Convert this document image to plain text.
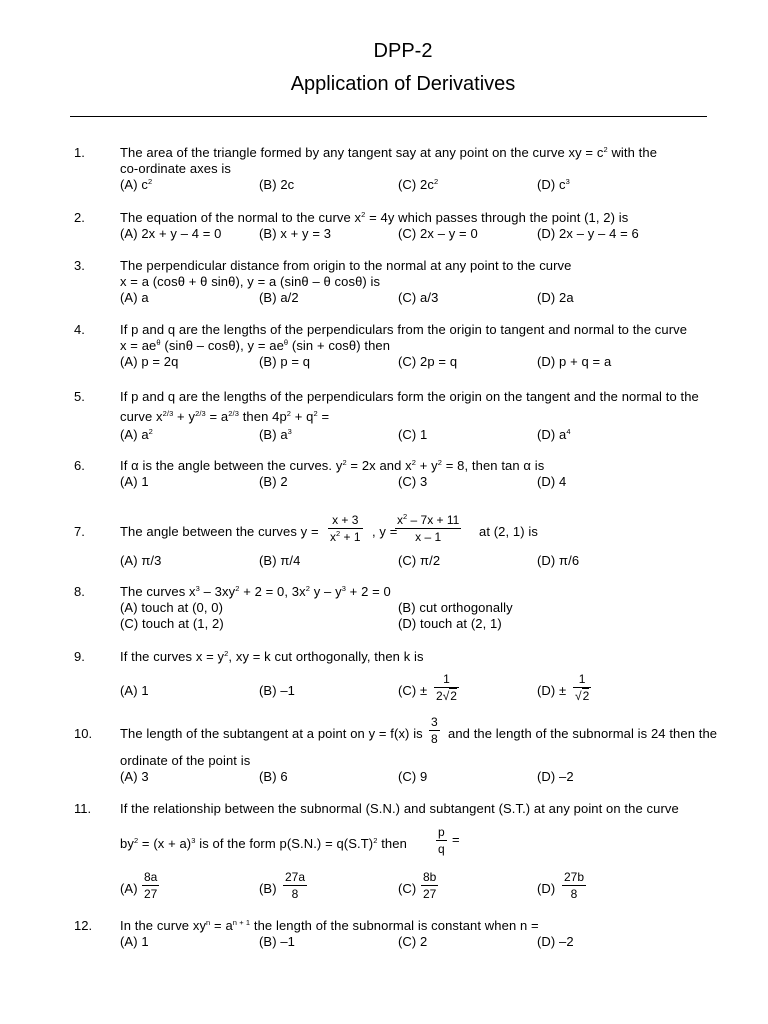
DPP-2
Application of Derivatives
1.	The area of the triangle formed by any tangent say at any point on the curve xy = $c^2$ with the
co-ordinate axes is
(A) $c^2$	(B) 2c	(C) $2c^2$	(D) $c^3$
2.	The equation of the normal to the curve $x^2 = 4y$ which passes through the point (1, 2) is
(A) 2x + y – 4 = 0	(B) x + y = 3	(C) 2x – y = 0	(D) 2x – y – 4 = 6
3.	The perpendicular distance from origin to the normal at any point to the curve
x = a (cosθ + θ sinθ), y = a (sinθ – θ cosθ) is
(A) a	(B) a/2	(C) a/3	(D) 2a
4.	If p and q are the lengths of the perpendiculars from the origin to tangent and normal to the curve
$x = ae^\theta$ (sinθ – cosθ), $y = ae^\theta$ (sin + cosθ) then
(A) p = 2q	(B) p = q	(C) 2p = q	(D) p + q = a
5.	If p and q are the lengths of the perpendiculars form the origin on the tangent and the normal to the
curve $x^{2/3} + y^{2/3} = a^{2/3}$ then $4p^2 + q^2$ =
(A) $a^2$	(B) $a^3$	(C) 1	(D) $a^4$
6.	If α is the angle between the curves. $y^2 = 2x$ and $x^2 + y^2 = 8$, then tan α is
(A) 1	(B) 2	(C) 3	(D) 4
7.	The angle between the curves $y = \frac{x + 3}{x^2 + 1}$ , y =
$\frac{x^2 - 7x + 11}{x - 1}$ at (2, 1) is
(A) π/3	(B) π/4	(C) π/2	(D) π/6
8.	The curves $x^3 - 3xy^2 + 2 = 0$, $3x^2$ $y - y^3 + 2 = 0$
(A) touch at (0, 0)	(B) cut orthogonally
(C) touch at (1, 2)	(D) touch at (2, 1)
9.	If the curves $x = y^2$, xy = k cut orthogonally, then k is
(A) 1	(B) –1	$(C) \pm \frac{1}{2√2}$	$(D) \pm \frac{1}{√2}$
10. The length of the subtangent at a point on y = f(x) is $\frac{3}{8}$ and the length of the subnormal is 24 then the
ordinate of the point is
(A) 3	(B) 6	(C) 9	(D) –2
11. If the relationship between the subnormal (S.N.) and subtangent (S.T.) at any point on the curve
$by^2 = (x + a)^3$ is of the form $p(S.N.) = q(S.T)^2$ then $\frac{p}{q}$ =
$(A) \frac{8a}{27}$	$(B) \frac{27a}{8}$	$(C) \frac{8b}{27}$	$(D) \frac{27b}{8}$
12. In the curve $xy^n = a^{n + 1}$ the length of the subnormal is constant when n =
(A) 1	(B) –1	(C) 2	(D) –2
